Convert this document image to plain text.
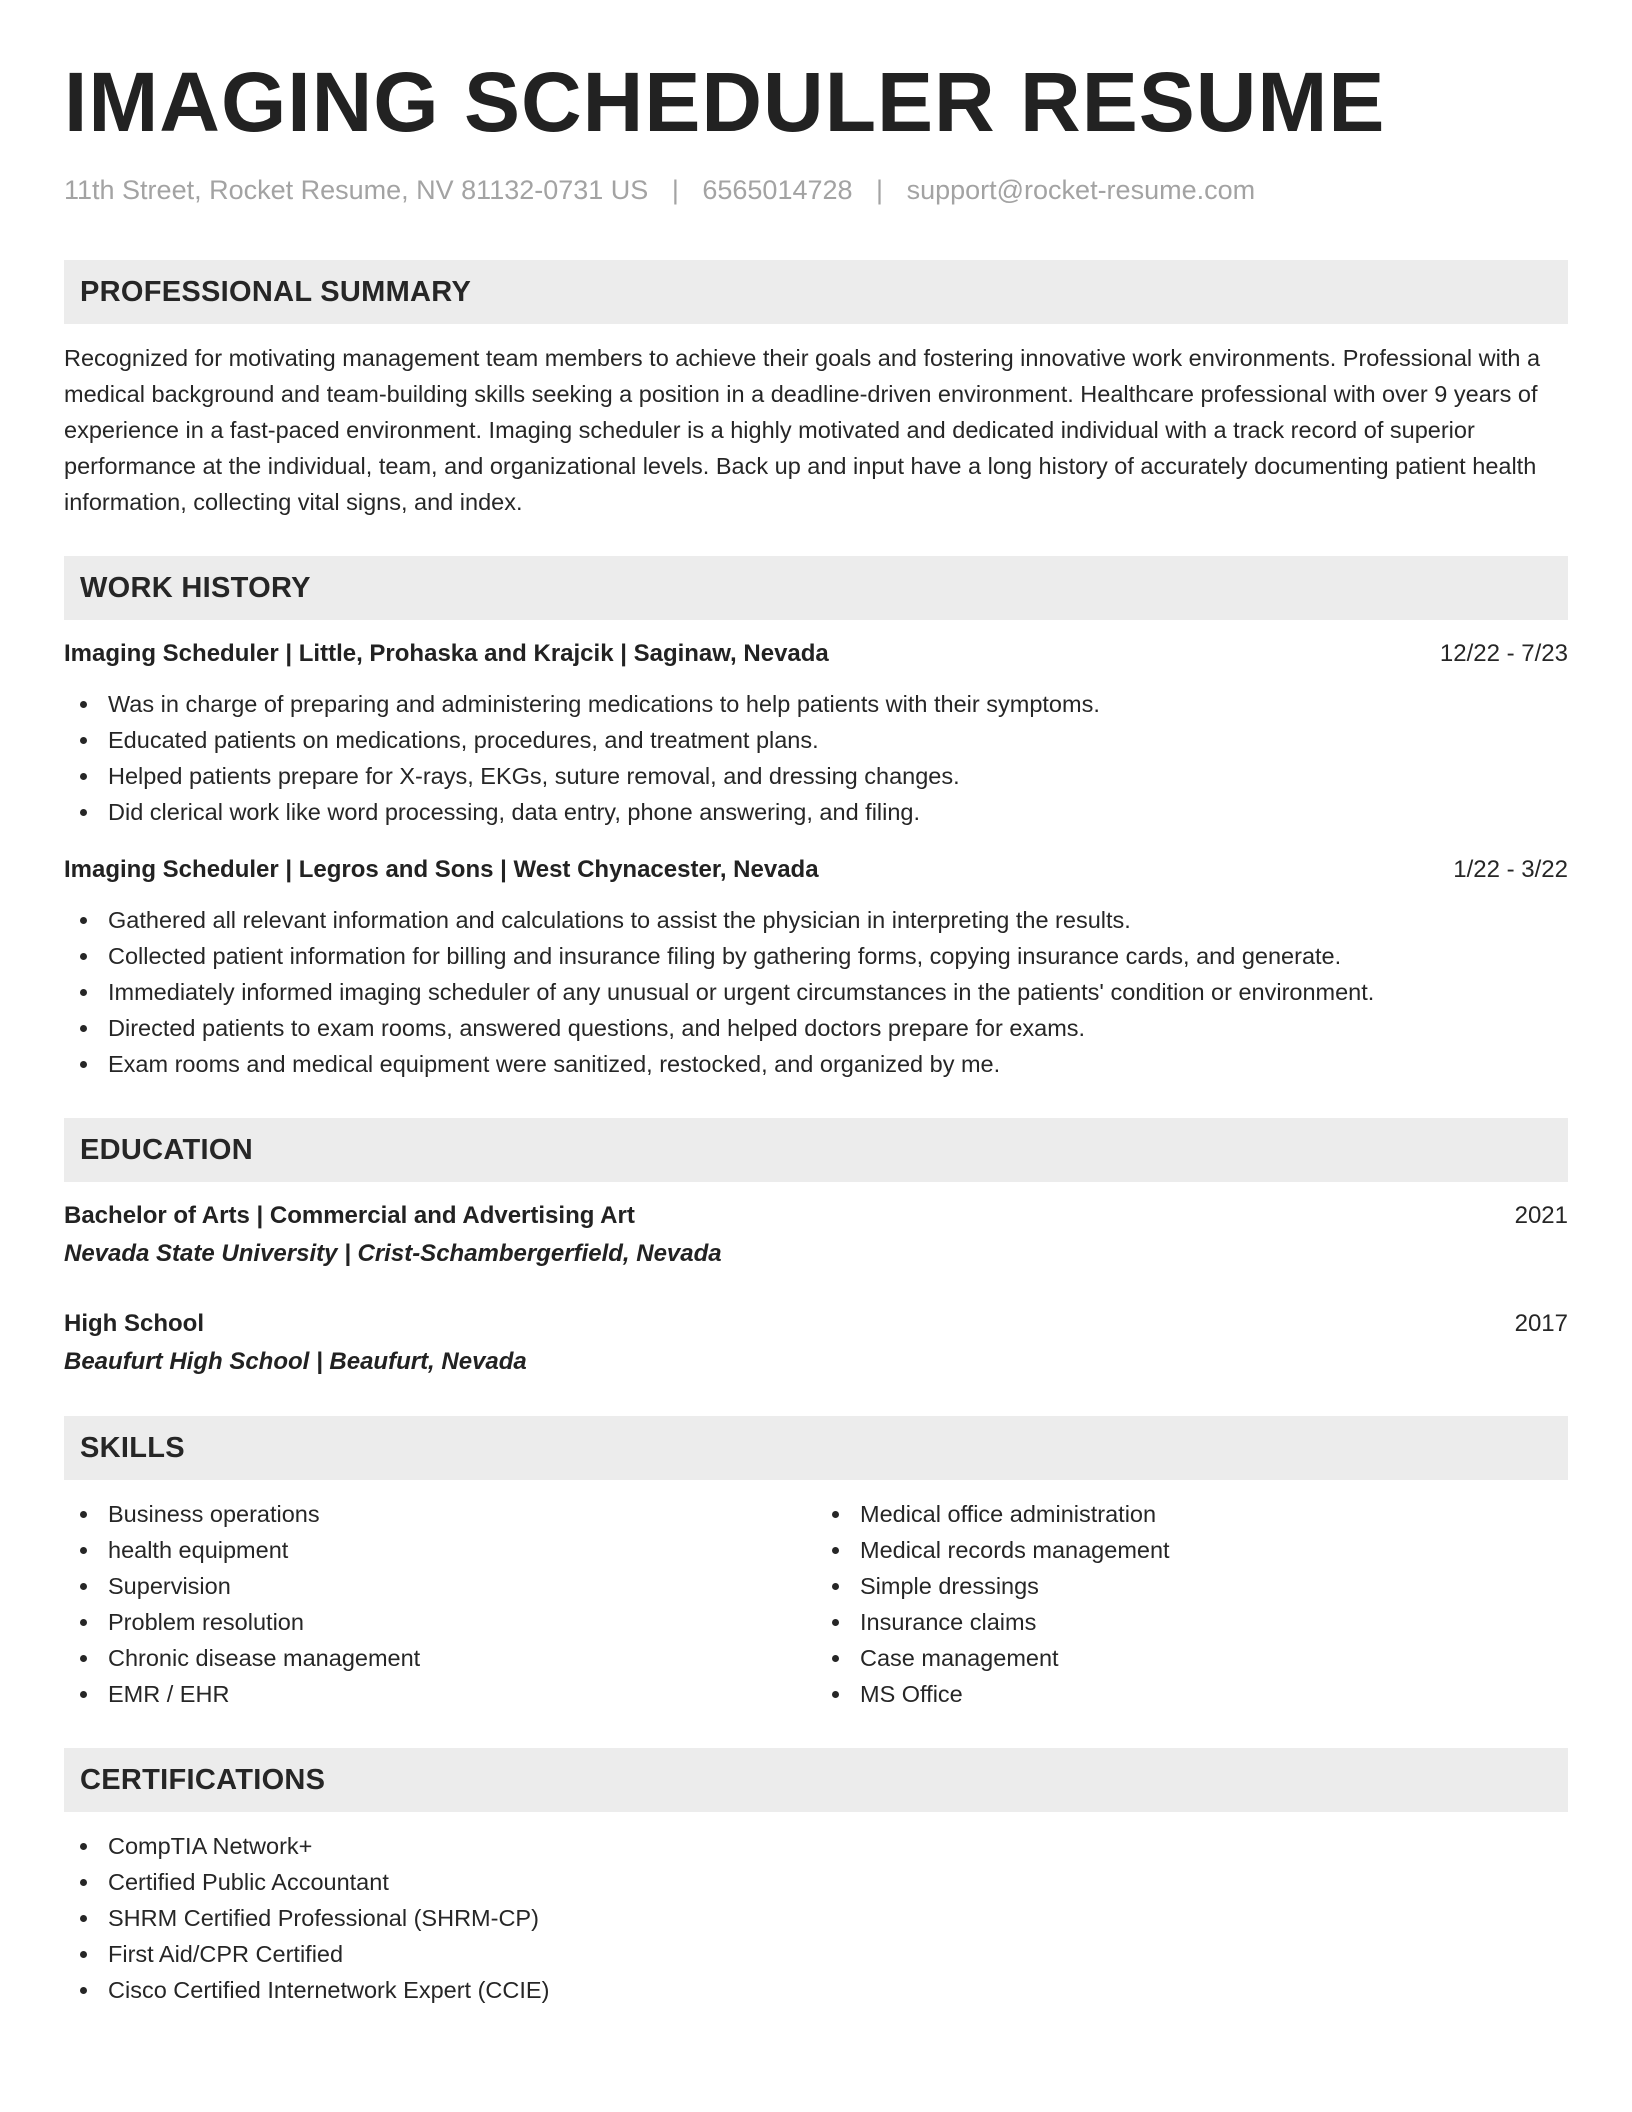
IMAGING SCHEDULER RESUME
11th Street, Rocket Resume, NV 81132-0731 US | 6565014728 | support@rocket-resume.com
PROFESSIONAL SUMMARY
Recognized for motivating management team members to achieve their goals and fostering innovative work environments. Professional with a medical background and team-building skills seeking a position in a deadline-driven environment. Healthcare professional with over 9 years of experience in a fast-paced environment. Imaging scheduler is a highly motivated and dedicated individual with a track record of superior performance at the individual, team, and organizational levels. Back up and input have a long history of accurately documenting patient health information, collecting vital signs, and index.
WORK HISTORY
Imaging Scheduler | Little, Prohaska and Krajcik | Saginaw, Nevada	12/22 - 7/23
Was in charge of preparing and administering medications to help patients with their symptoms.
Educated patients on medications, procedures, and treatment plans.
Helped patients prepare for X-rays, EKGs, suture removal, and dressing changes.
Did clerical work like word processing, data entry, phone answering, and filing.
Imaging Scheduler | Legros and Sons | West Chynacester, Nevada	1/22 - 3/22
Gathered all relevant information and calculations to assist the physician in interpreting the results.
Collected patient information for billing and insurance filing by gathering forms, copying insurance cards, and generate.
Immediately informed imaging scheduler of any unusual or urgent circumstances in the patients' condition or environment.
Directed patients to exam rooms, answered questions, and helped doctors prepare for exams.
Exam rooms and medical equipment were sanitized, restocked, and organized by me.
EDUCATION
Bachelor of Arts | Commercial and Advertising Art	2021
Nevada State University | Crist-Schambergerfield, Nevada
High School	2017
Beaufurt High School | Beaufurt, Nevada
SKILLS
Business operations
health equipment
Supervision
Problem resolution
Chronic disease management
EMR / EHR
Medical office administration
Medical records management
Simple dressings
Insurance claims
Case management
MS Office
CERTIFICATIONS
CompTIA Network+
Certified Public Accountant
SHRM Certified Professional (SHRM-CP)
First Aid/CPR Certified
Cisco Certified Internetwork Expert (CCIE)
